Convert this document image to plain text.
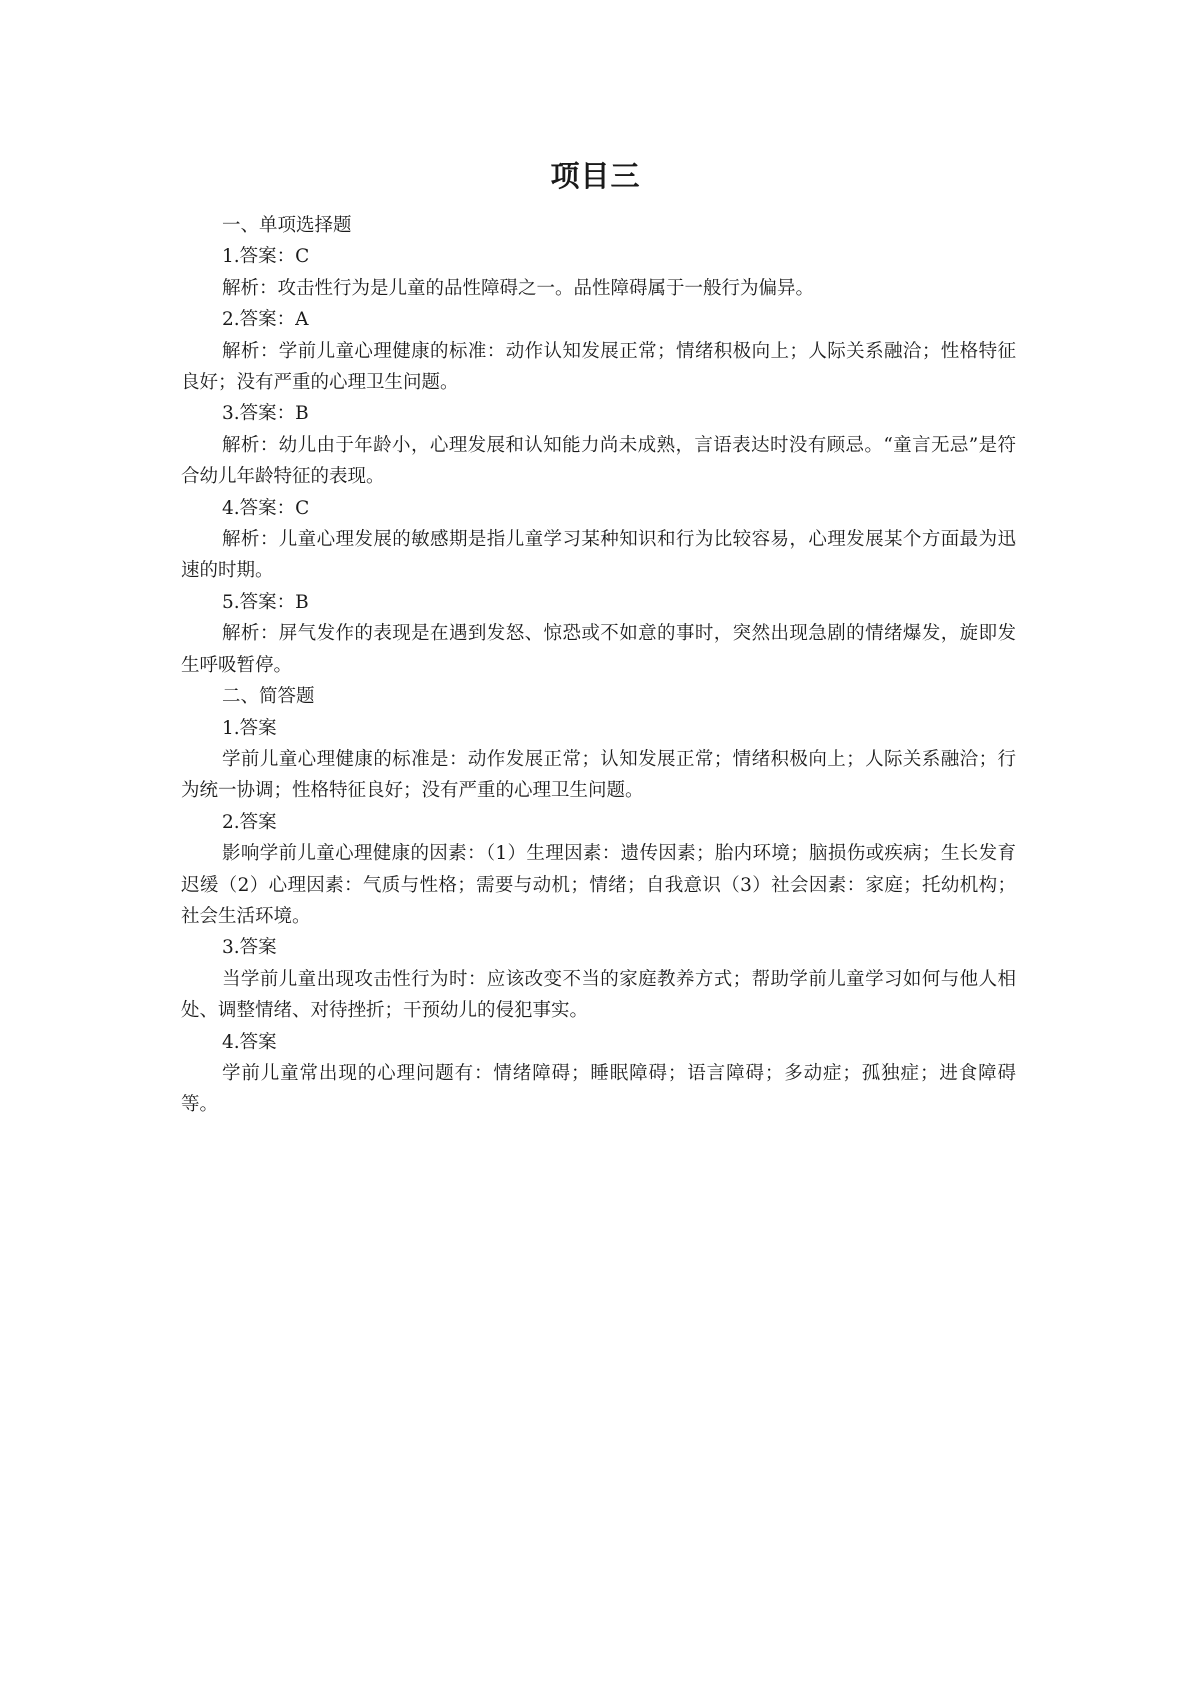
项目三

一、单项选择题

1.答案：C

解析：攻击性行为是儿童的品性障碍之一。品性障碍属于一般行为偏异。

2.答案：A

解析：学前儿童心理健康的标准：动作认知发展正常；情绪积极向上；人际关系融洽；性格特征良好；没有严重的心理卫生问题。

3.答案：B

解析：幼儿由于年龄小，心理发展和认知能力尚未成熟，言语表达时没有顾忌。“童言无忌”是符合幼儿年龄特征的表现。

4.答案：C

解析：儿童心理发展的敏感期是指儿童学习某种知识和行为比较容易，心理发展某个方面最为迅速的时期。

5.答案：B

解析：屏气发作的表现是在遇到发怒、惊恐或不如意的事时，突然出现急剧的情绪爆发，旋即发生呼吸暂停。

二、简答题

1.答案

学前儿童心理健康的标准是：动作发展正常；认知发展正常；情绪积极向上；人际关系融洽；行为统一协调；性格特征良好；没有严重的心理卫生问题。

2.答案

影响学前儿童心理健康的因素：（1）生理因素：遗传因素；胎内环境；脑损伤或疾病；生长发育迟缓（2）心理因素：气质与性格；需要与动机；情绪；自我意识（3）社会因素：家庭；托幼机构；社会生活环境。

3.答案

当学前儿童出现攻击性行为时：应该改变不当的家庭教养方式；帮助学前儿童学习如何与他人相处、调整情绪、对待挫折；干预幼儿的侵犯事实。

4.答案

学前儿童常出现的心理问题有：情绪障碍；睡眠障碍；语言障碍；多动症；孤独症；进食障碍等。
